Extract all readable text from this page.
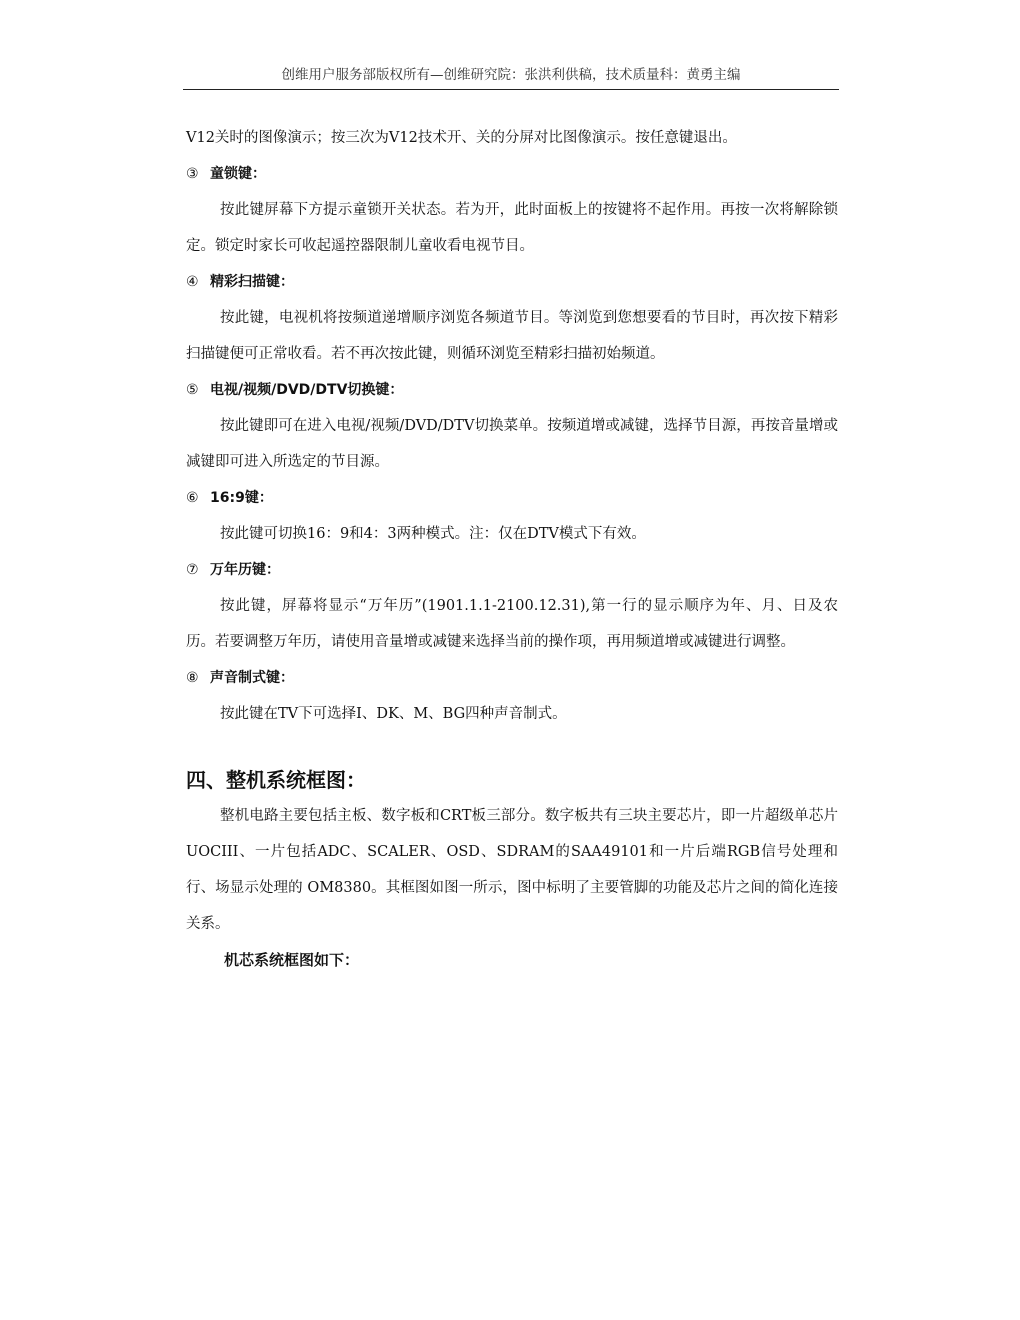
创维用户服务部版权所有—创维研究院：张洪利供稿，技术质量科：黄勇主编

V12关时的图像演示；按三次为V12技术开、关的分屏对比图像演示。按任意键退出。

③ 童锁键：

按此键屏幕下方提示童锁开关状态。若为开，此时面板上的按键将不起作用。再按一次将解除锁定。锁定时家长可收起遥控器限制儿童收看电视节目。

④ 精彩扫描键：

按此键，电视机将按频道递增顺序浏览各频道节目。等浏览到您想要看的节目时，再次按下精彩扫描键便可正常收看。若不再次按此键，则循环浏览至精彩扫描初始频道。

⑤ 电视/视频/DVD/DTV切换键：

按此键即可在进入电视/视频/DVD/DTV切换菜单。按频道增或减键，选择节目源，再按音量增或减键即可进入所选定的节目源。

⑥ 16:9键：

按此键可切换16：9和4：3两种模式。注：仅在DTV模式下有效。

⑦ 万年历键：

按此键，屏幕将显示“万年历”(1901.1.1-2100.12.31),第一行的显示顺序为年、月、日及农历。若要调整万年历，请使用音量增或减键来选择当前的操作项，再用频道增或减键进行调整。

⑧ 声音制式键：

按此键在TV下可选择I、DK、M、BG四种声音制式。

四、整机系统框图：

整机电路主要包括主板、数字板和CRT板三部分。数字板共有三块主要芯片，即一片超级单芯片UOCIII、一片包括ADC、SCALER、OSD、SDRAM的SAA49101和一片后端RGB信号处理和行、场显示处理的 OM8380。其框图如图一所示，图中标明了主要管脚的功能及芯片之间的简化连接关系。

机芯系统框图如下：
